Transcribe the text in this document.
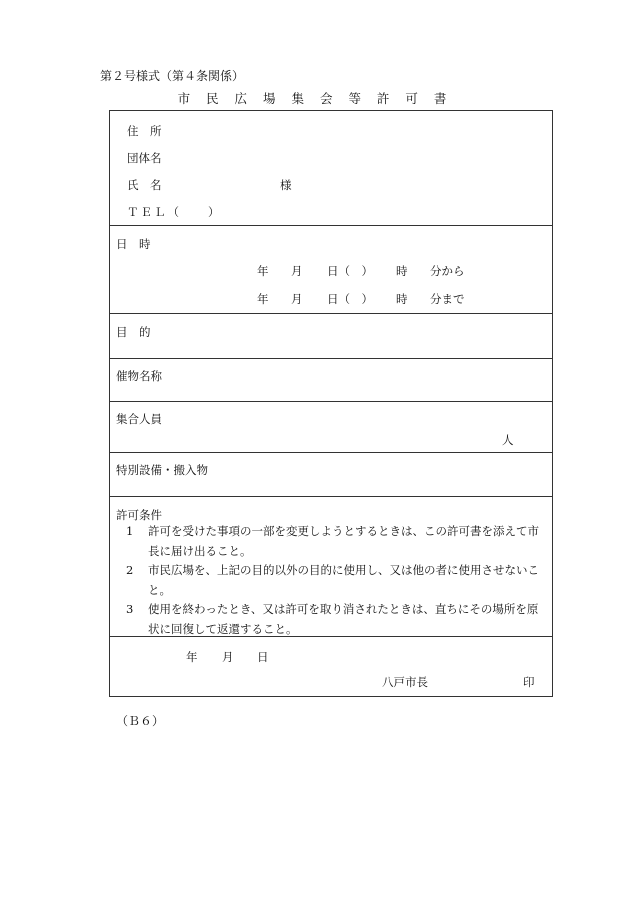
第２号様式（第４条関係）
市 民 広 場 集 会 等 許 可 書
住　所
団体名
氏　名	様
ＴＥＬ（　　）
日　時
年 月 日（　） 時 分から
年 月 日（　） 時 分まで
目　的
催物名称
集合人員
人
特別設備・搬入物
許可条件
1	許可を受けた事項の一部を変更しようとするときは、この許可書を添えて市長に届け出ること。
2	市民広場を、上記の目的以外の目的に使用し、又は他の者に使用させないこと。
3	使用を終わったとき、又は許可を取り消されたときは、直ちにその場所を原状に回復して返還すること。
年 月 日
八戸市長	印
（Ｂ６）
